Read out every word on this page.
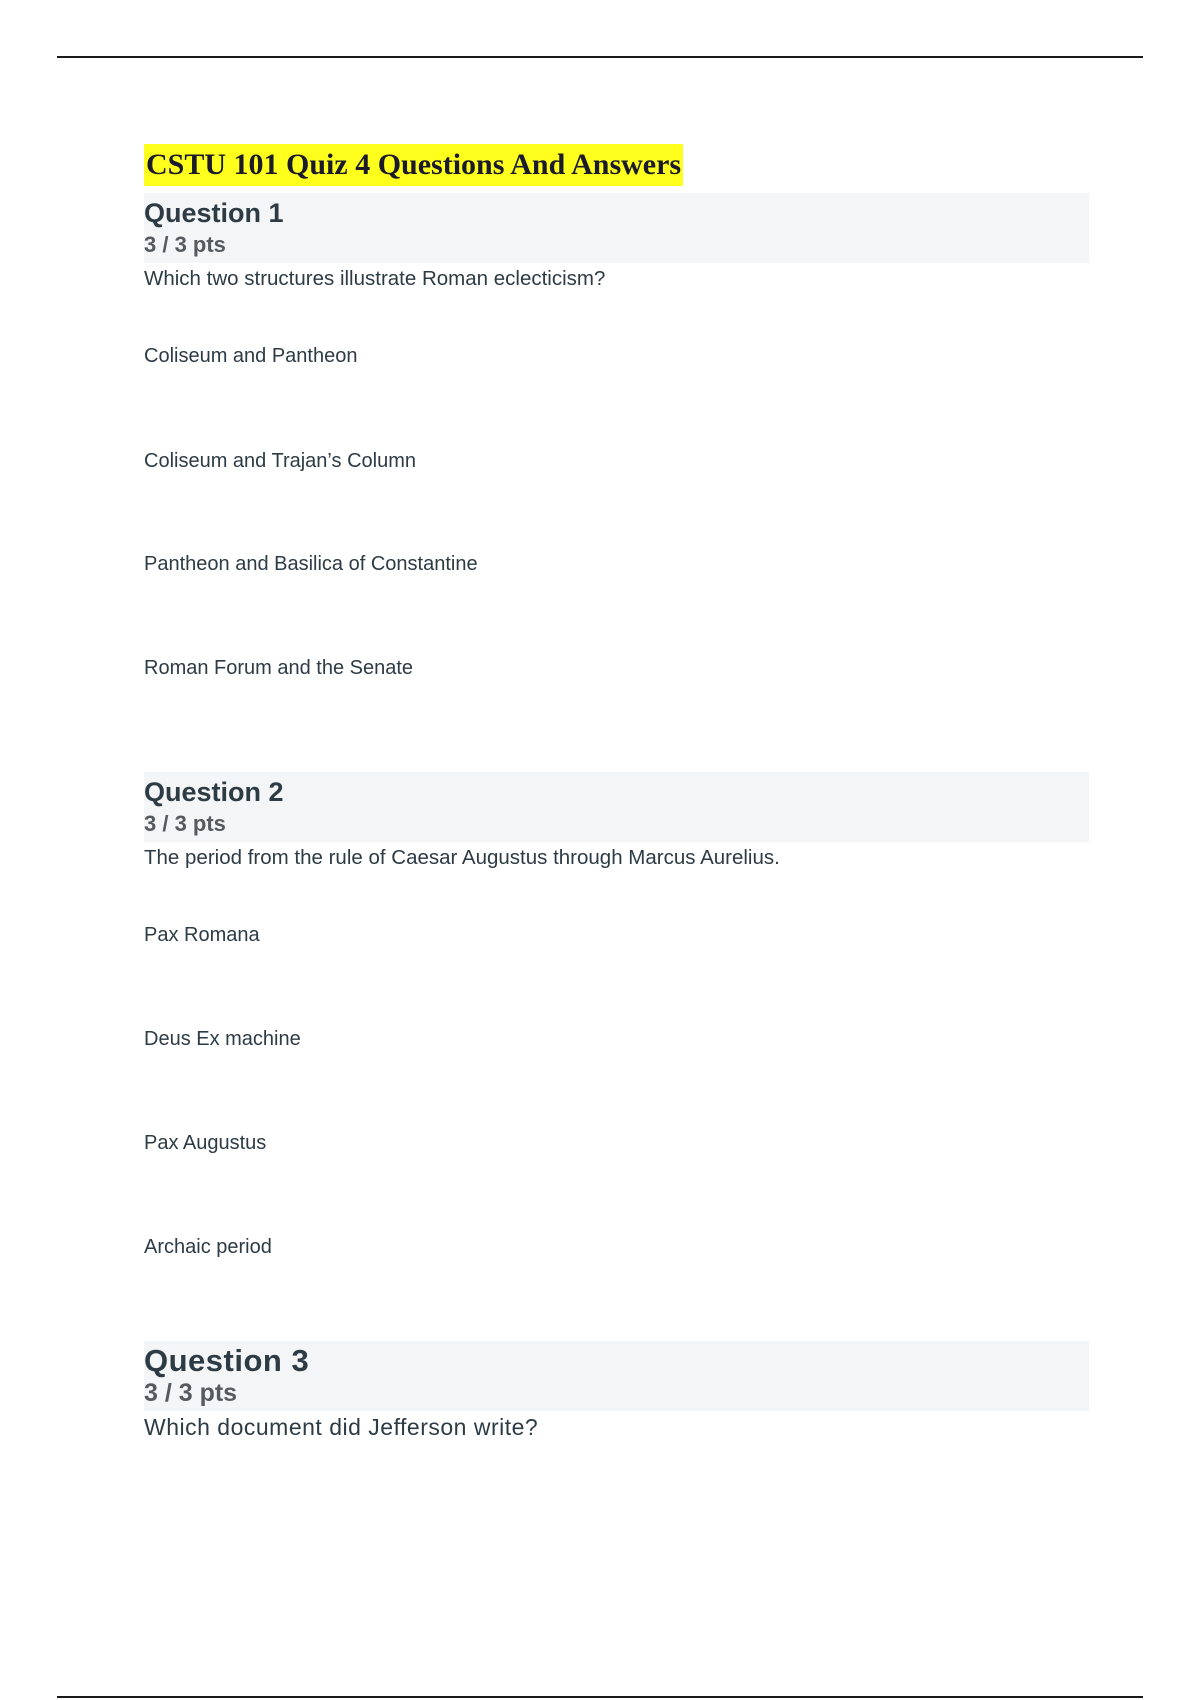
CSTU 101 Quiz 4 Questions And Answers
Question 1
3 / 3 pts
Which two structures illustrate Roman eclecticism?
Coliseum and Pantheon
Coliseum and Trajan’s Column
Pantheon and Basilica of Constantine
Roman Forum and the Senate
Question 2
3 / 3 pts
The period from the rule of Caesar Augustus through Marcus Aurelius.
Pax Romana
Deus Ex machine
Pax Augustus
Archaic period
Question 3
3 / 3 pts
Which document did Jefferson write?
